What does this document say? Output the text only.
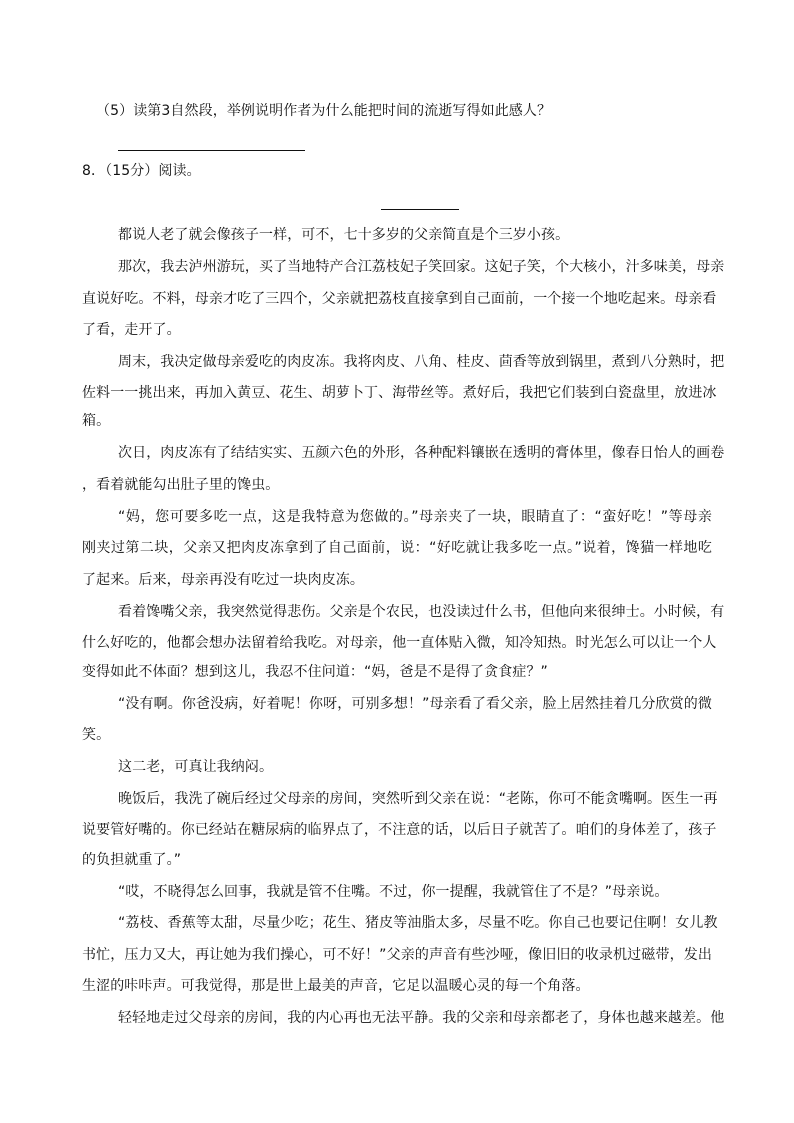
（5）读第3自然段，举例说明作者为什么能把时间的流逝写得如此感人？
8．（15分）阅读。
都说人老了就会像孩子一样，可不，七十多岁的父亲简直是个三岁小孩。
那次，我去泸州游玩，买了当地特产合江荔枝妃子笑回家。这妃子笑，个大核小，汁多味美，母亲
直说好吃。不料，母亲才吃了三四个，父亲就把荔枝直接拿到自己面前，一个接一个地吃起来。母亲看
了看，走开了。
周末，我决定做母亲爱吃的肉皮冻。我将肉皮、八角、桂皮、茴香等放到锅里，煮到八分熟时，把
佐料一一挑出来，再加入黄豆、花生、胡萝卜丁、海带丝等。煮好后，我把它们装到白瓷盘里，放进冰
箱。
次日，肉皮冻有了结结实实、五颜六色的外形，各种配料镶嵌在透明的膏体里，像春日怡人的画卷
，看着就能勾出肚子里的馋虫。
“妈，您可要多吃一点，这是我特意为您做的。”母亲夹了一块，眼睛直了：“蛮好吃！”等母亲
刚夹过第二块，父亲又把肉皮冻拿到了自己面前，说：“好吃就让我多吃一点。”说着，馋猫一样地吃
了起来。后来，母亲再没有吃过一块肉皮冻。
看着馋嘴父亲，我突然觉得悲伤。父亲是个农民，也没读过什么书，但他向来很绅士。小时候，有
什么好吃的，他都会想办法留着给我吃。对母亲，他一直体贴入微，知冷知热。时光怎么可以让一个人
变得如此不体面？想到这儿，我忍不住问道：“妈，爸是不是得了贪食症？”
“没有啊。你爸没病，好着呢！你呀，可别多想！”母亲看了看父亲，脸上居然挂着几分欣赏的微
笑。
这二老，可真让我纳闷。
晚饭后，我洗了碗后经过父母亲的房间，突然听到父亲在说：“老陈，你可不能贪嘴啊。医生一再
说要管好嘴的。你已经站在糖尿病的临界点了，不注意的话，以后日子就苦了。咱们的身体差了，孩子
的负担就重了。”
“哎，不晓得怎么回事，我就是管不住嘴。不过，你一提醒，我就管住了不是？”母亲说。
“荔枝、香蕉等太甜，尽量少吃；花生、猪皮等油脂太多，尽量不吃。你自己也要记住啊！女儿教
书忙，压力又大，再让她为我们操心，可不好！”父亲的声音有些沙哑，像旧旧的收录机过磁带，发出
生涩的咔咔声。可我觉得，那是世上最美的声音，它足以温暖心灵的每一个角落。
轻轻地走过父母亲的房间，我的内心再也无法平静。我的父亲和母亲都老了，身体也越来越差。他
